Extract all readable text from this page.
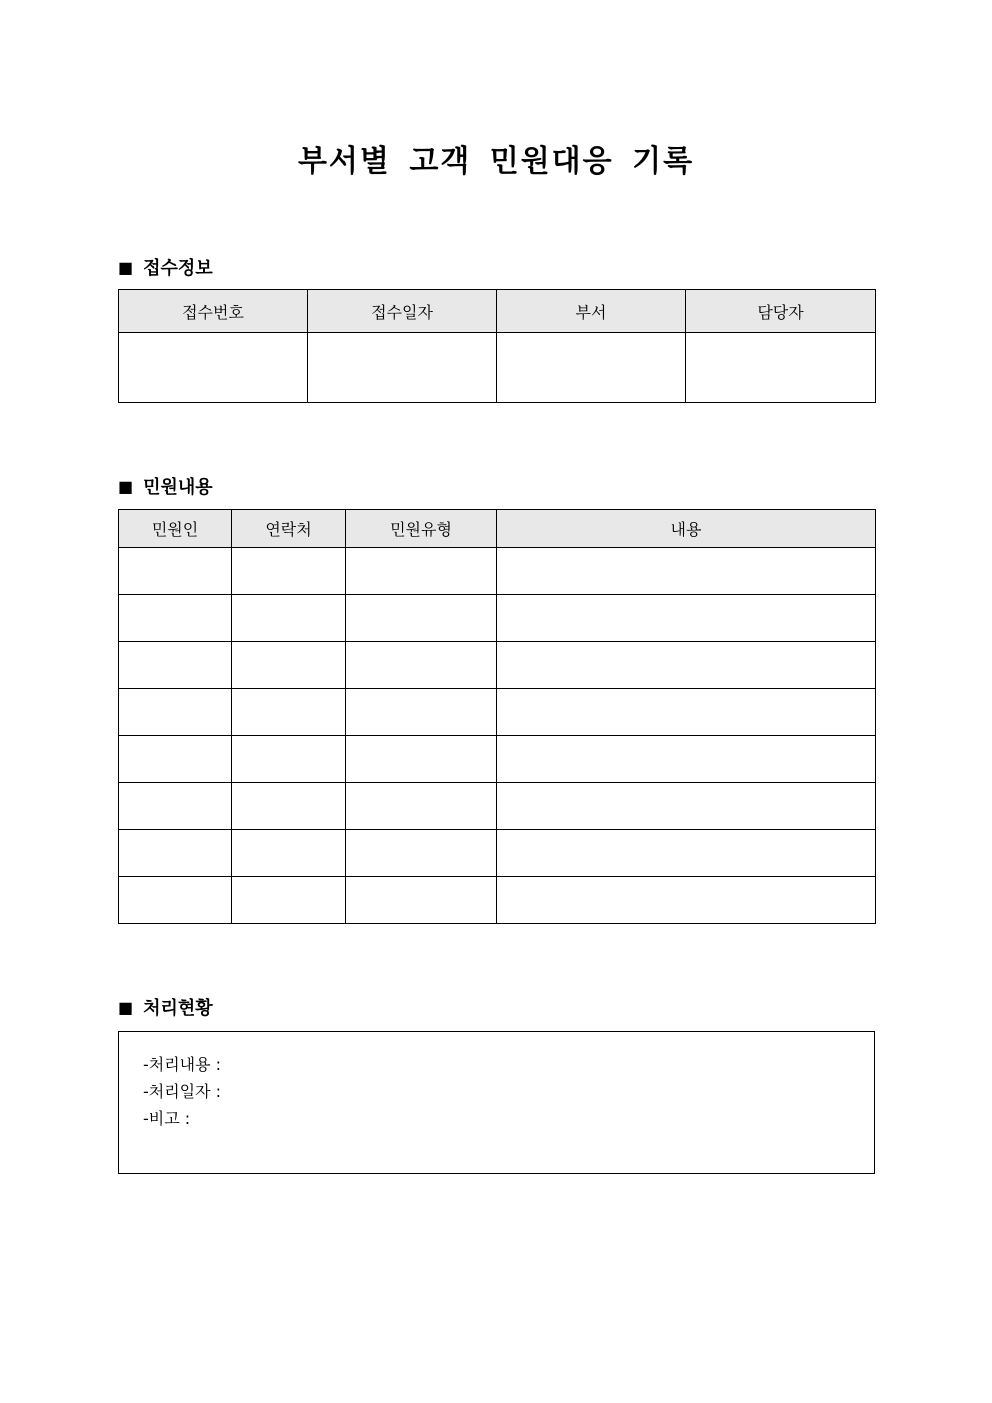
부서별 고객 민원대응 기록
■ 접수정보
접수번호	접수일자	부서	담당자

■ 민원내용
민원인	연락처	민원유형	내용

■ 처리현황
-처리내용 :
-처리일자 :
-비고 :
